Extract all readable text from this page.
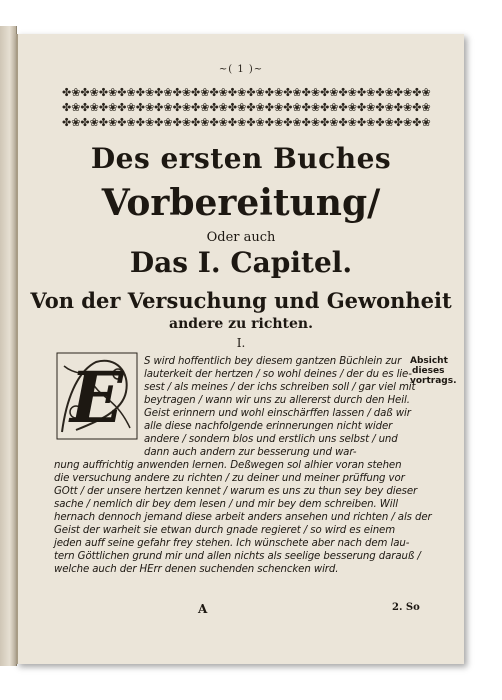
~( 1 )~
✤❀✤❀✤❀✤❀✤❀✤❀✤❀✤❀✤❀✤❀✤❀✤❀✤❀✤❀✤❀✤❀✤❀✤❀✤❀✤❀
✤❀✤❀✤❀✤❀✤❀✤❀✤❀✤❀✤❀✤❀✤❀✤❀✤❀✤❀✤❀✤❀✤❀✤❀✤❀✤❀
✤❀✤❀✤❀✤❀✤❀✤❀✤❀✤❀✤❀✤❀✤❀✤❀✤❀✤❀✤❀✤❀✤❀✤❀✤❀✤❀
Des ersten Buches
Vorbereitung/
Oder auch
Das I. Capitel.
Von der Versuchung und Gewonheit
andere zu richten.
I.
E S wird hoffentlich bey diesem gantzen Büchlein zur
lauterkeit der hertzen / so wohl deines / der du es lie-
sest / als meines / der ichs schreiben soll / gar viel mit
beytragen / wann wir uns zu allererst durch den Heil.
Geist erinnern und wohl einschärffen lassen / daß wir
alle diese nachfolgende erinnerungen nicht wider
andere / sondern blos und erstlich uns selbst / und
dann auch andern zur besserung und war-
nung auffrichtig anwenden lernen. Deßwegen sol alhier voran stehen
die versuchung andere zu richten / zu deiner und meiner prüffung vor
GOtt / der unsere hertzen kennet / warum es uns zu thun sey bey dieser
sache / nemlich dir bey dem lesen / und mir bey dem schreiben. Will
hernach dennoch jemand diese arbeit anders ansehen und richten / als der
Geist der warheit sie etwan durch gnade regieret / so wird es einem
jeden auff seine gefahr frey stehen. Ich wünschete aber nach dem lau-
tern Göttlichen grund mir und allen nichts als seelige besserung darauß /
welche auch der HErr denen suchenden schencken wird.
Absicht
dieses
vortrags.
A	2. So
